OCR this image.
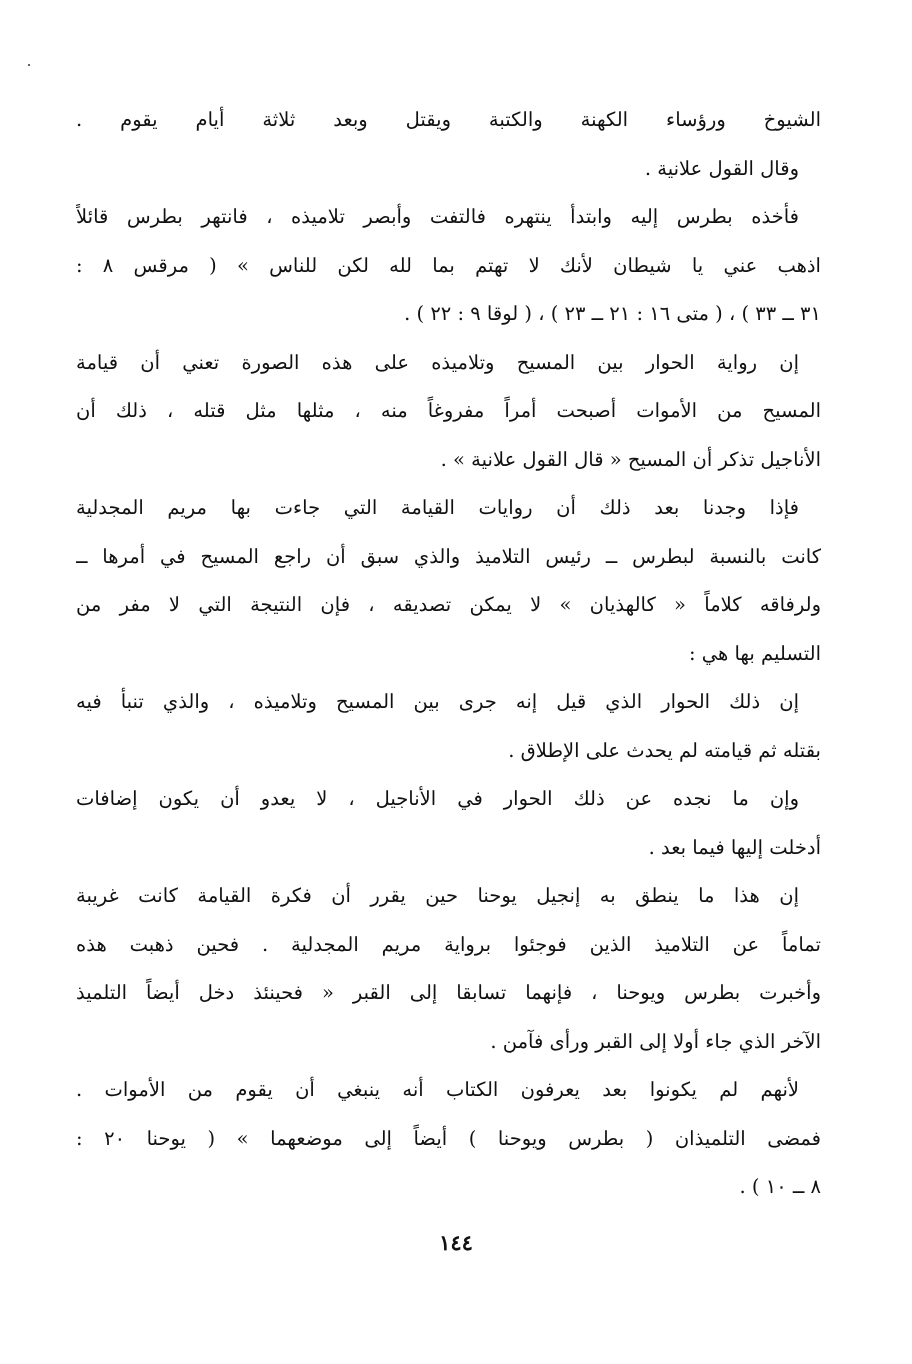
الشيوخ ورؤساء الكهنة والكتبة ويقتل وبعد ثلاثة أيام يقوم .
وقال القول علانية .
فأخذه بطرس إليه وابتدأ ينتهره فالتفت وأبصر تلاميذه ، فانتهر بطرس قائلاً
اذهب عني يا شيطان لأنك لا تهتم بما لله لكن للناس » ( مرقس ٨ :
٣١ ــ ٣٣ ) ، ( متى ١٦ : ٢١ ــ ٢٣ ) ، ( لوقا ٩ : ٢٢ ) .
إن رواية الحوار بين المسيح وتلاميذه على هذه الصورة تعني أن قيامة
المسيح من الأموات أصبحت أمراً مفروغاً منه ، مثلها مثل قتله ، ذلك أن
الأناجيل تذكر أن المسيح « قال القول علانية » .
فإذا وجدنا بعد ذلك أن روايات القيامة التي جاءت بها مريم المجدلية
كانت بالنسبة لبطرس ــ رئيس التلاميذ والذي سبق أن راجع المسيح في أمرها ــ
ولرفاقه كلاماً « كالهذيان » لا يمكن تصديقه ، فإن النتيجة التي لا مفر من
التسليم بها هي :
إن ذلك الحوار الذي قيل إنه جرى بين المسيح وتلاميذه ، والذي تنبأ فيه
بقتله ثم قيامته لم يحدث على الإطلاق .
وإن ما نجده عن ذلك الحوار في الأناجيل ، لا يعدو أن يكون إضافات
أدخلت إليها فيما بعد .
إن هذا ما ينطق به إنجيل يوحنا حين يقرر أن فكرة القيامة كانت غريبة
تماماً عن التلاميذ الذين فوجئوا برواية مريم المجدلية . فحين ذهبت هذه
وأخبرت بطرس ويوحنا ، فإنهما تسابقا إلى القبر « فحينئذ دخل أيضاً التلميذ
الآخر الذي جاء أولا إلى القبر ورأى فآمن .
لأنهم لم يكونوا بعد يعرفون الكتاب أنه ينبغي أن يقوم من الأموات .
فمضى التلميذان ( بطرس ويوحنا ) أيضاً إلى موضعهما » ( يوحنا ٢٠ :
٨ ــ ١٠ ) .
١٤٤
